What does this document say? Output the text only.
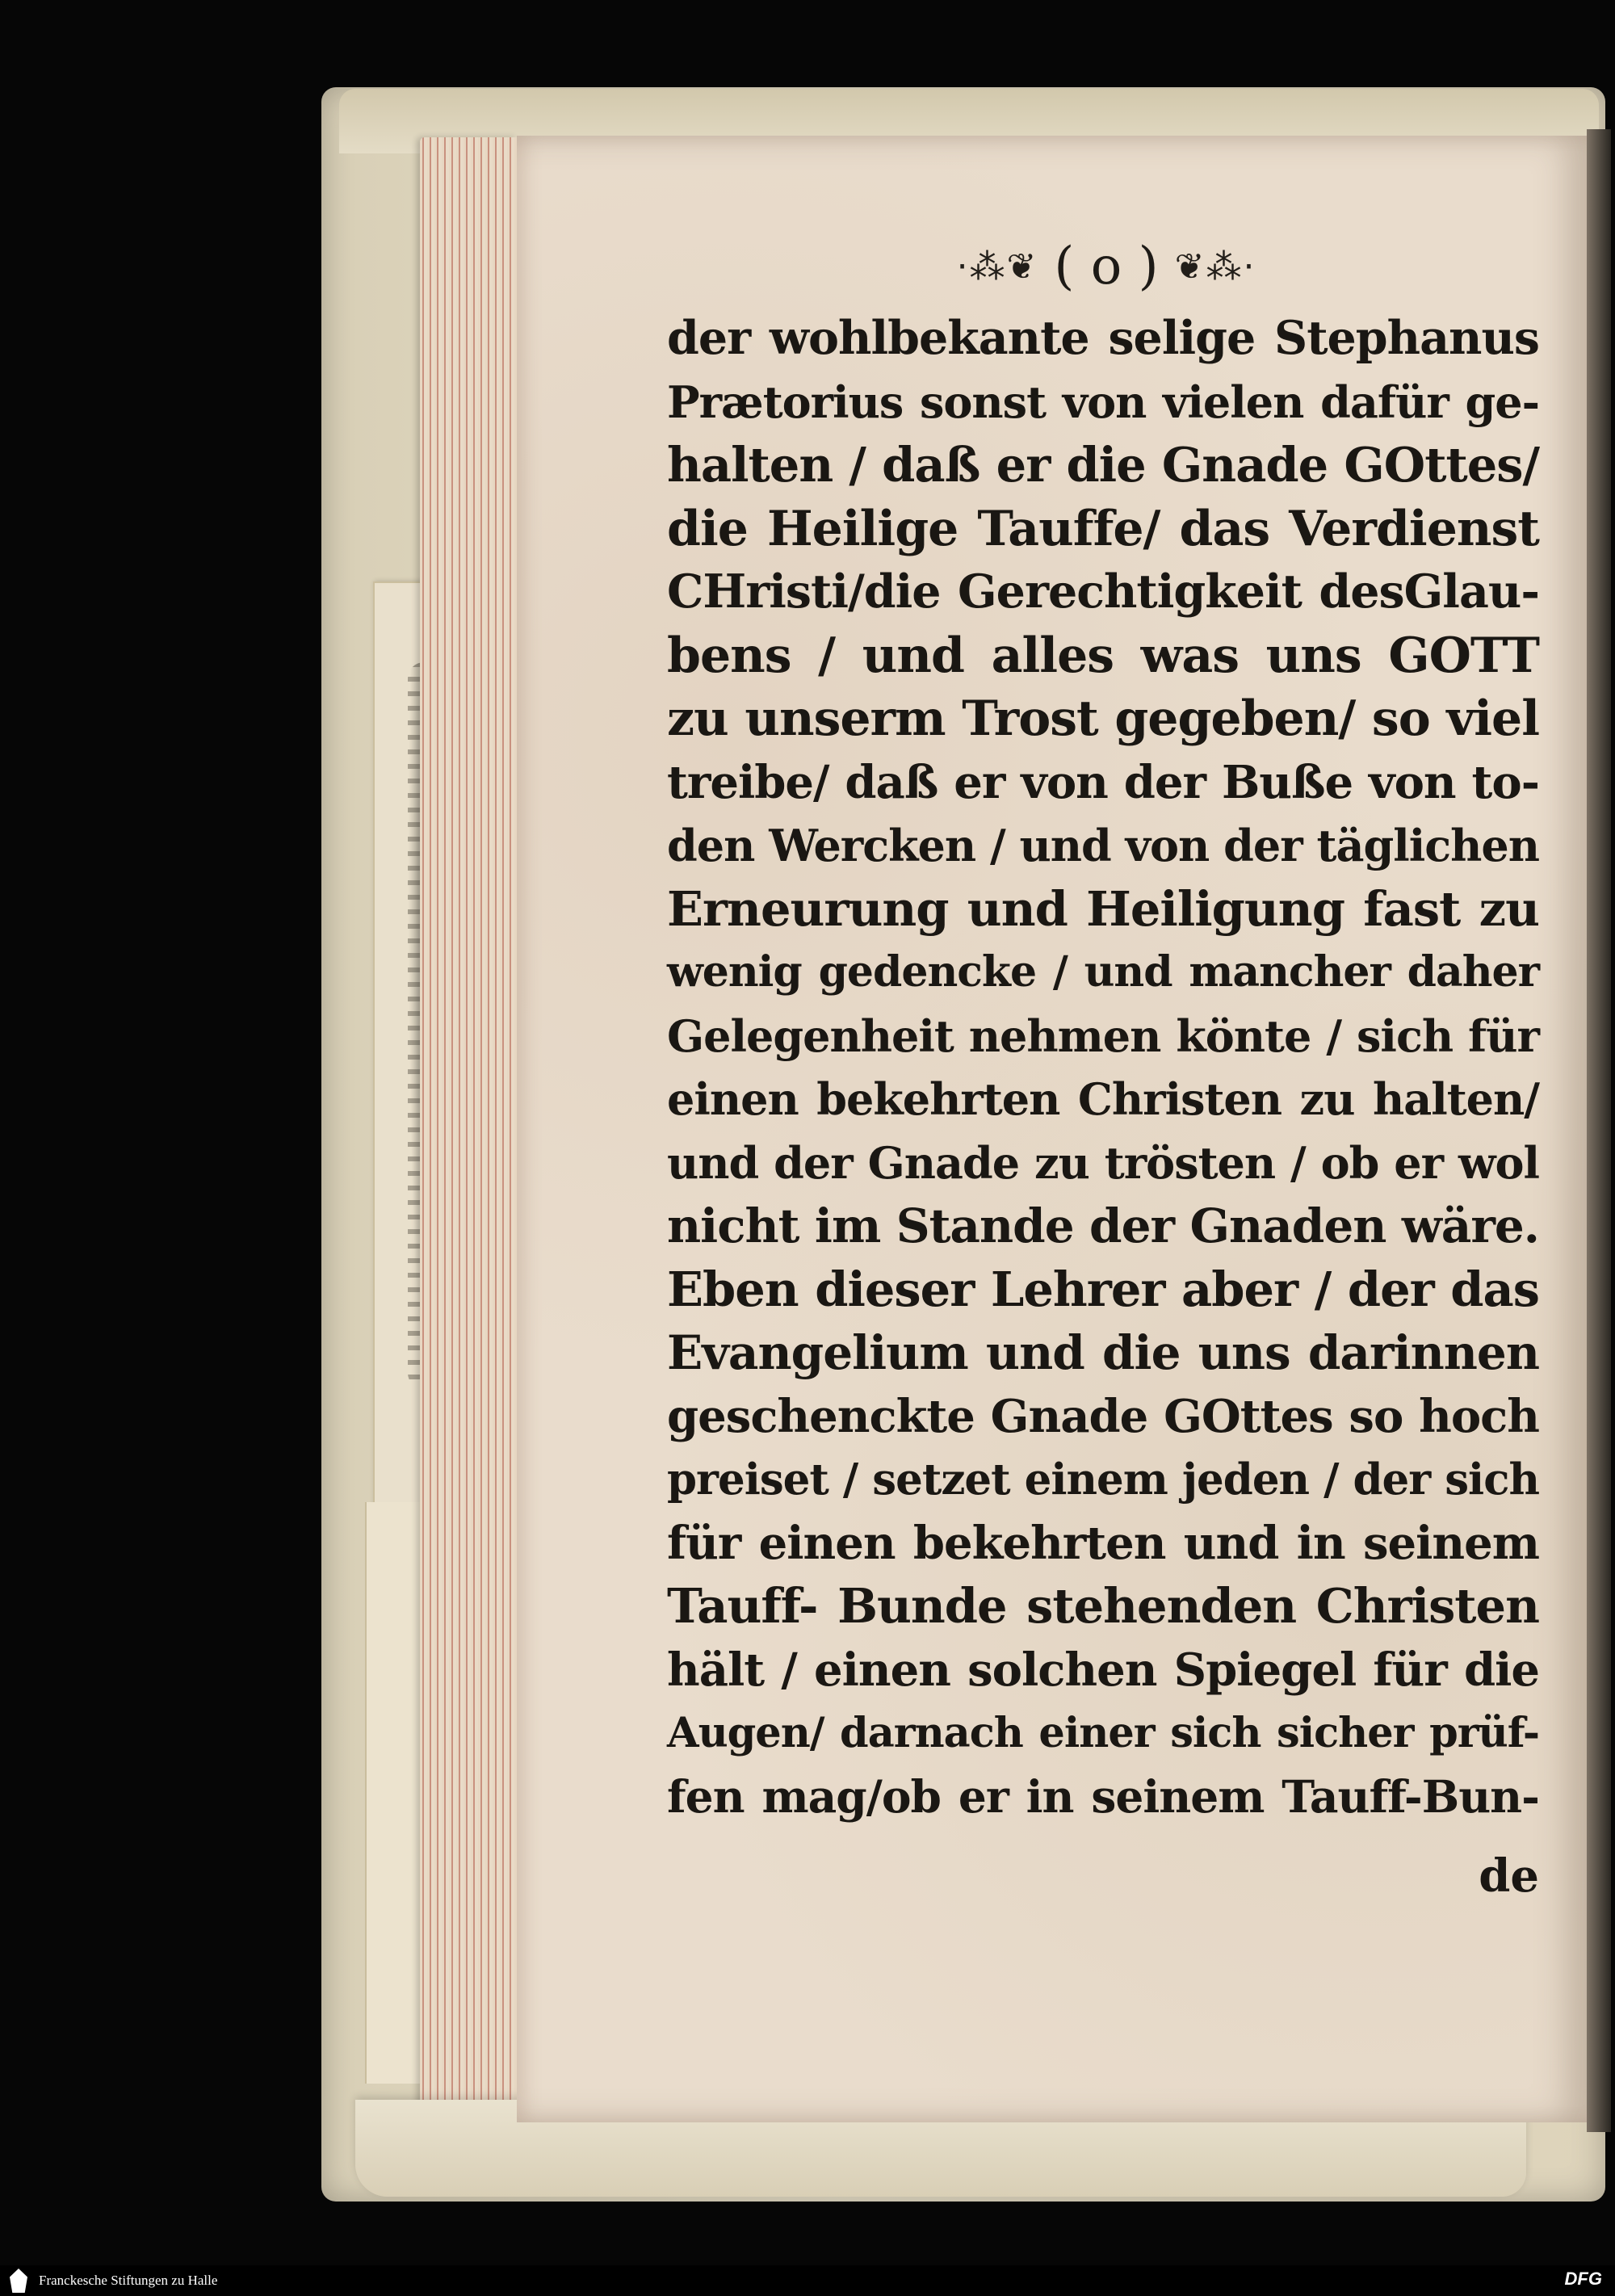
·⁂❦ ( o ) ❦⁂·
der wohlbekante selige Stephanus
Prætorius sonst von vielen dafür ge-
halten / daß er die Gnade GOttes/
die Heilige Tauffe/ das Verdienst
CHristi/die Gerechtigkeit desGlau-
bens / und alles was uns GOTT
zu unserm Trost gegeben/ so viel
treibe/ daß er von der Buße von to-
den Wercken / und von der täglichen
Erneurung und Heiligung fast zu
wenig gedencke / und mancher daher
Gelegenheit nehmen könte / sich für
einen bekehrten Christen zu halten/
und der Gnade zu trösten / ob er wol
nicht im Stande der Gnaden wäre.
Eben dieser Lehrer aber / der das
Evangelium und die uns darinnen
geschenckte Gnade GOttes so hoch
preiset / setzet einem jeden / der sich
für einen bekehrten und in seinem
Tauff- Bunde stehenden Christen
hält / einen solchen Spiegel für die
Augen/ darnach einer sich sicher prüf-
fen mag/ob er in seinem Tauff-Bun-
de
Franckesche Stiftungen zu Halle	DFG
